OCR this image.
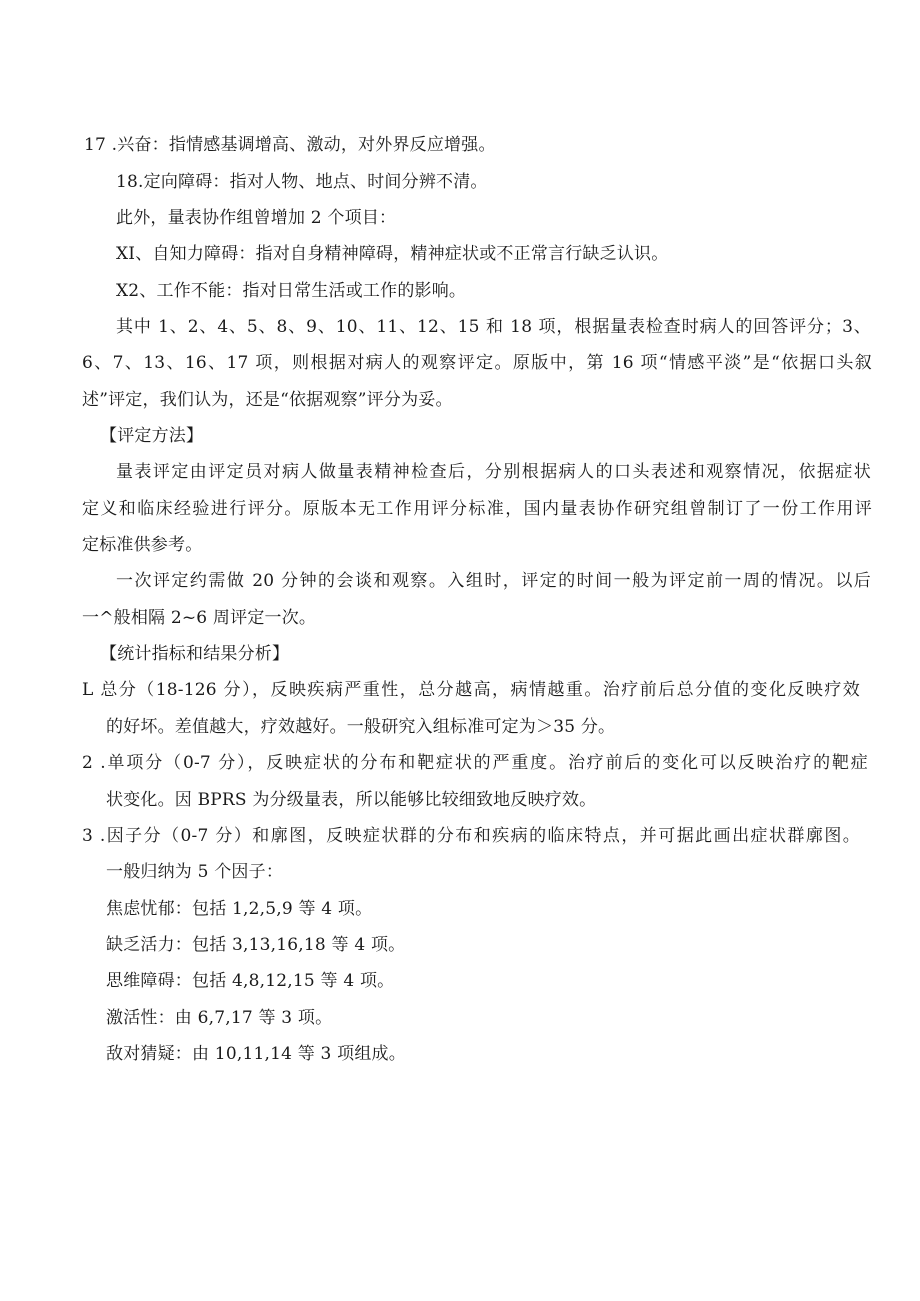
17 .兴奋：指情感基调增高、激动，对外界反应增强。
18.定向障碍：指对人物、地点、时间分辨不清。
此外，量表协作组曾增加 2 个项目：
XI、自知力障碍：指对自身精神障碍，精神症状或不正常言行缺乏认识。
X2、工作不能：指对日常生活或工作的影响。
其中 1、2、4、5、8、9、10、11、12、15 和 18 项，根据量表检查时病人的回答评分；3、
6、7、13、16、17 项，则根据对病人的观察评定。原版中，第 16 项“情感平淡”是“依据口头叙
述”评定，我们认为，还是“依据观察”评分为妥。
【评定方法】
量表评定由评定员对病人做量表精神检查后，分别根据病人的口头表述和观察情况，依据症状
定义和临床经验进行评分。原版本无工作用评分标准，国内量表协作研究组曾制订了一份工作用评
定标准供参考。
一次评定约需做 20 分钟的会谈和观察。入组时，评定的时间一般为评定前一周的情况。以后
一^般相隔 2~6 周评定一次。
【统计指标和结果分析】
L 总分（18-126 分），反映疾病严重性，总分越高，病情越重。治疗前后总分值的变化反映疗效
的好坏。差值越大，疗效越好。一般研究入组标准可定为＞35 分。
2 .单项分（0-7 分），反映症状的分布和靶症状的严重度。治疗前后的变化可以反映治疗的靶症
状变化。因 BPRS 为分级量表，所以能够比较细致地反映疗效。
3 .因子分（0-7 分）和廓图，反映症状群的分布和疾病的临床特点，并可据此画出症状群廓图。
一般归纳为 5 个因子：
焦虑忧郁：包括 1,2,5,9 等 4 项。
缺乏活力：包括 3,13,16,18 等 4 项。
思维障碍：包括 4,8,12,15 等 4 项。
激活性：由 6,7,17 等 3 项。
敌对猜疑：由 10,11,14 等 3 项组成。
